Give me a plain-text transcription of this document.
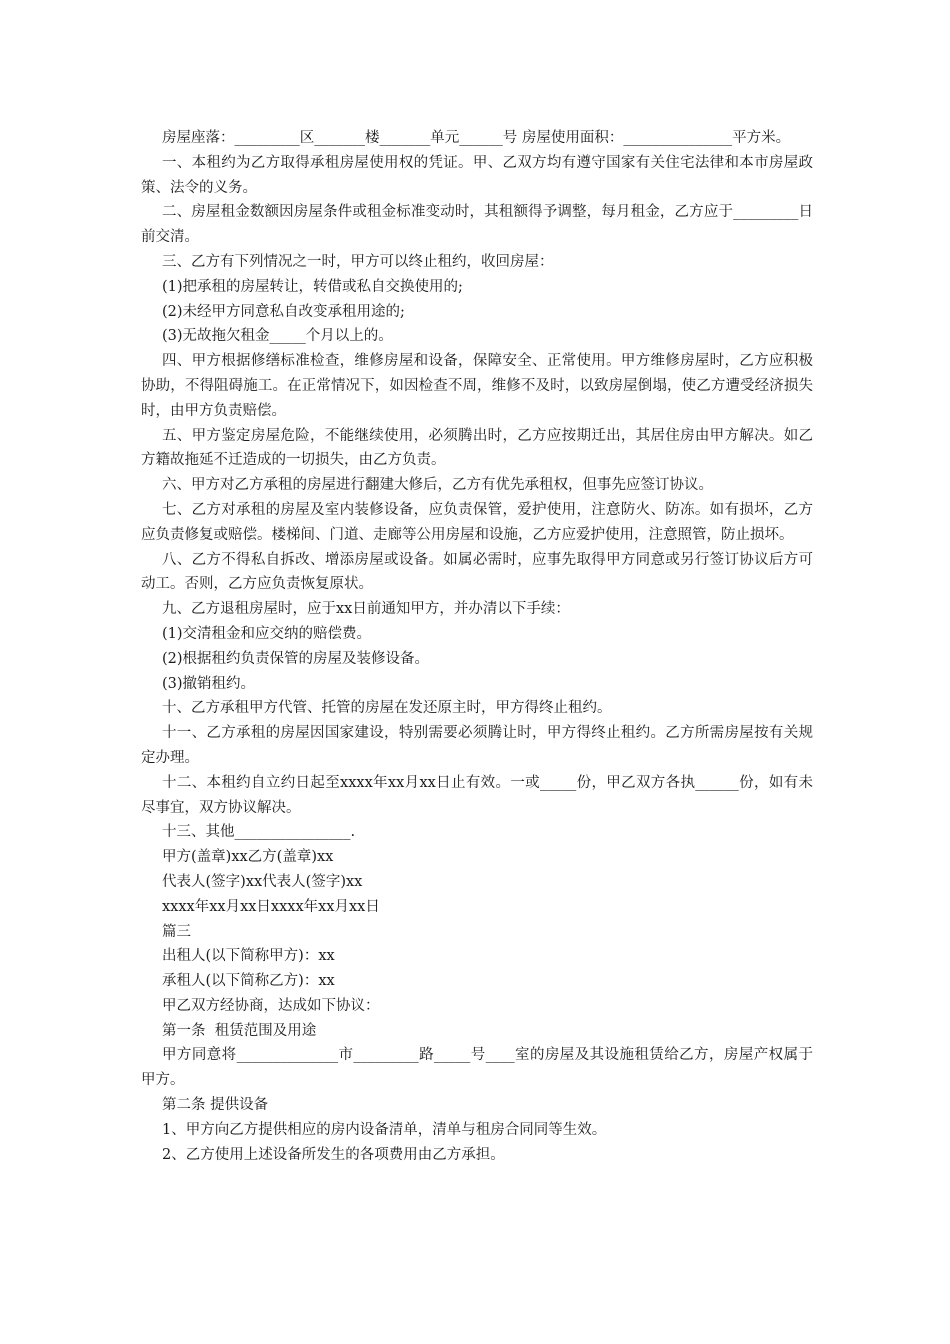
房屋座落：_________区_______楼_______单元______号 房屋使用面积：_______________平方米。

一、本租约为乙方取得承租房屋使用权的凭证。甲、乙双方均有遵守国家有关住宅法律和本市房屋政策、法令的义务。

二、房屋租金数额因房屋条件或租金标准变动时，其租额得予调整，每月租金，乙方应于_________日前交清。

三、乙方有下列情况之一时，甲方可以终止租约，收回房屋：

(1)把承租的房屋转让，转借或私自交换使用的;

(2)未经甲方同意私自改变承租用途的;

(3)无故拖欠租金_____个月以上的。

四、甲方根据修缮标准检查，维修房屋和设备，保障安全、正常使用。甲方维修房屋时，乙方应积极协助，不得阻碍施工。在正常情况下，如因检查不周，维修不及时，以致房屋倒塌，使乙方遭受经济损失时，由甲方负责赔偿。

五、甲方鉴定房屋危险，不能继续使用，必须腾出时，乙方应按期迁出，其居住房由甲方解决。如乙方籍故拖延不迁造成的一切损失，由乙方负责。

六、甲方对乙方承租的房屋进行翻建大修后，乙方有优先承租权，但事先应签订协议。

七、乙方对承租的房屋及室内装修设备，应负责保管，爱护使用，注意防火、防冻。如有损坏，乙方应负责修复或赔偿。楼梯间、门道、走廊等公用房屋和设施，乙方应爱护使用，注意照管，防止损坏。

八、乙方不得私自拆改、增添房屋或设备。如属必需时，应事先取得甲方同意或另行签订协议后方可动工。否则，乙方应负责恢复原状。

九、乙方退租房屋时，应于xx日前通知甲方，并办清以下手续：

(1)交清租金和应交纳的赔偿费。

(2)根据租约负责保管的房屋及装修设备。

(3)撤销租约。

十、乙方承租甲方代管、托管的房屋在发还原主时，甲方得终止租约。

十一、乙方承租的房屋因国家建设，特别需要必须腾让时，甲方得终止租约。乙方所需房屋按有关规定办理。

十二、本租约自立约日起至xxxx年xx月xx日止有效。一或_____份，甲乙双方各执______份，如有未尽事宜，双方协议解决。

十三、其他________________.

甲方(盖章)xx乙方(盖章)xx

代表人(签字)xx代表人(签字)xx

xxxx年xx月xx日xxxx年xx月xx日

篇三

出租人(以下简称甲方)：xx

承租人(以下简称乙方)：xx

甲乙双方经协商，达成如下协议：

第一条  租赁范围及用途

甲方同意将______________市_________路_____号____室的房屋及其设施租赁给乙方，房屋产权属于甲方。

第二条 提供设备

1、甲方向乙方提供相应的房内设备清单，清单与租房合同同等生效。

2、乙方使用上述设备所发生的各项费用由乙方承担。
